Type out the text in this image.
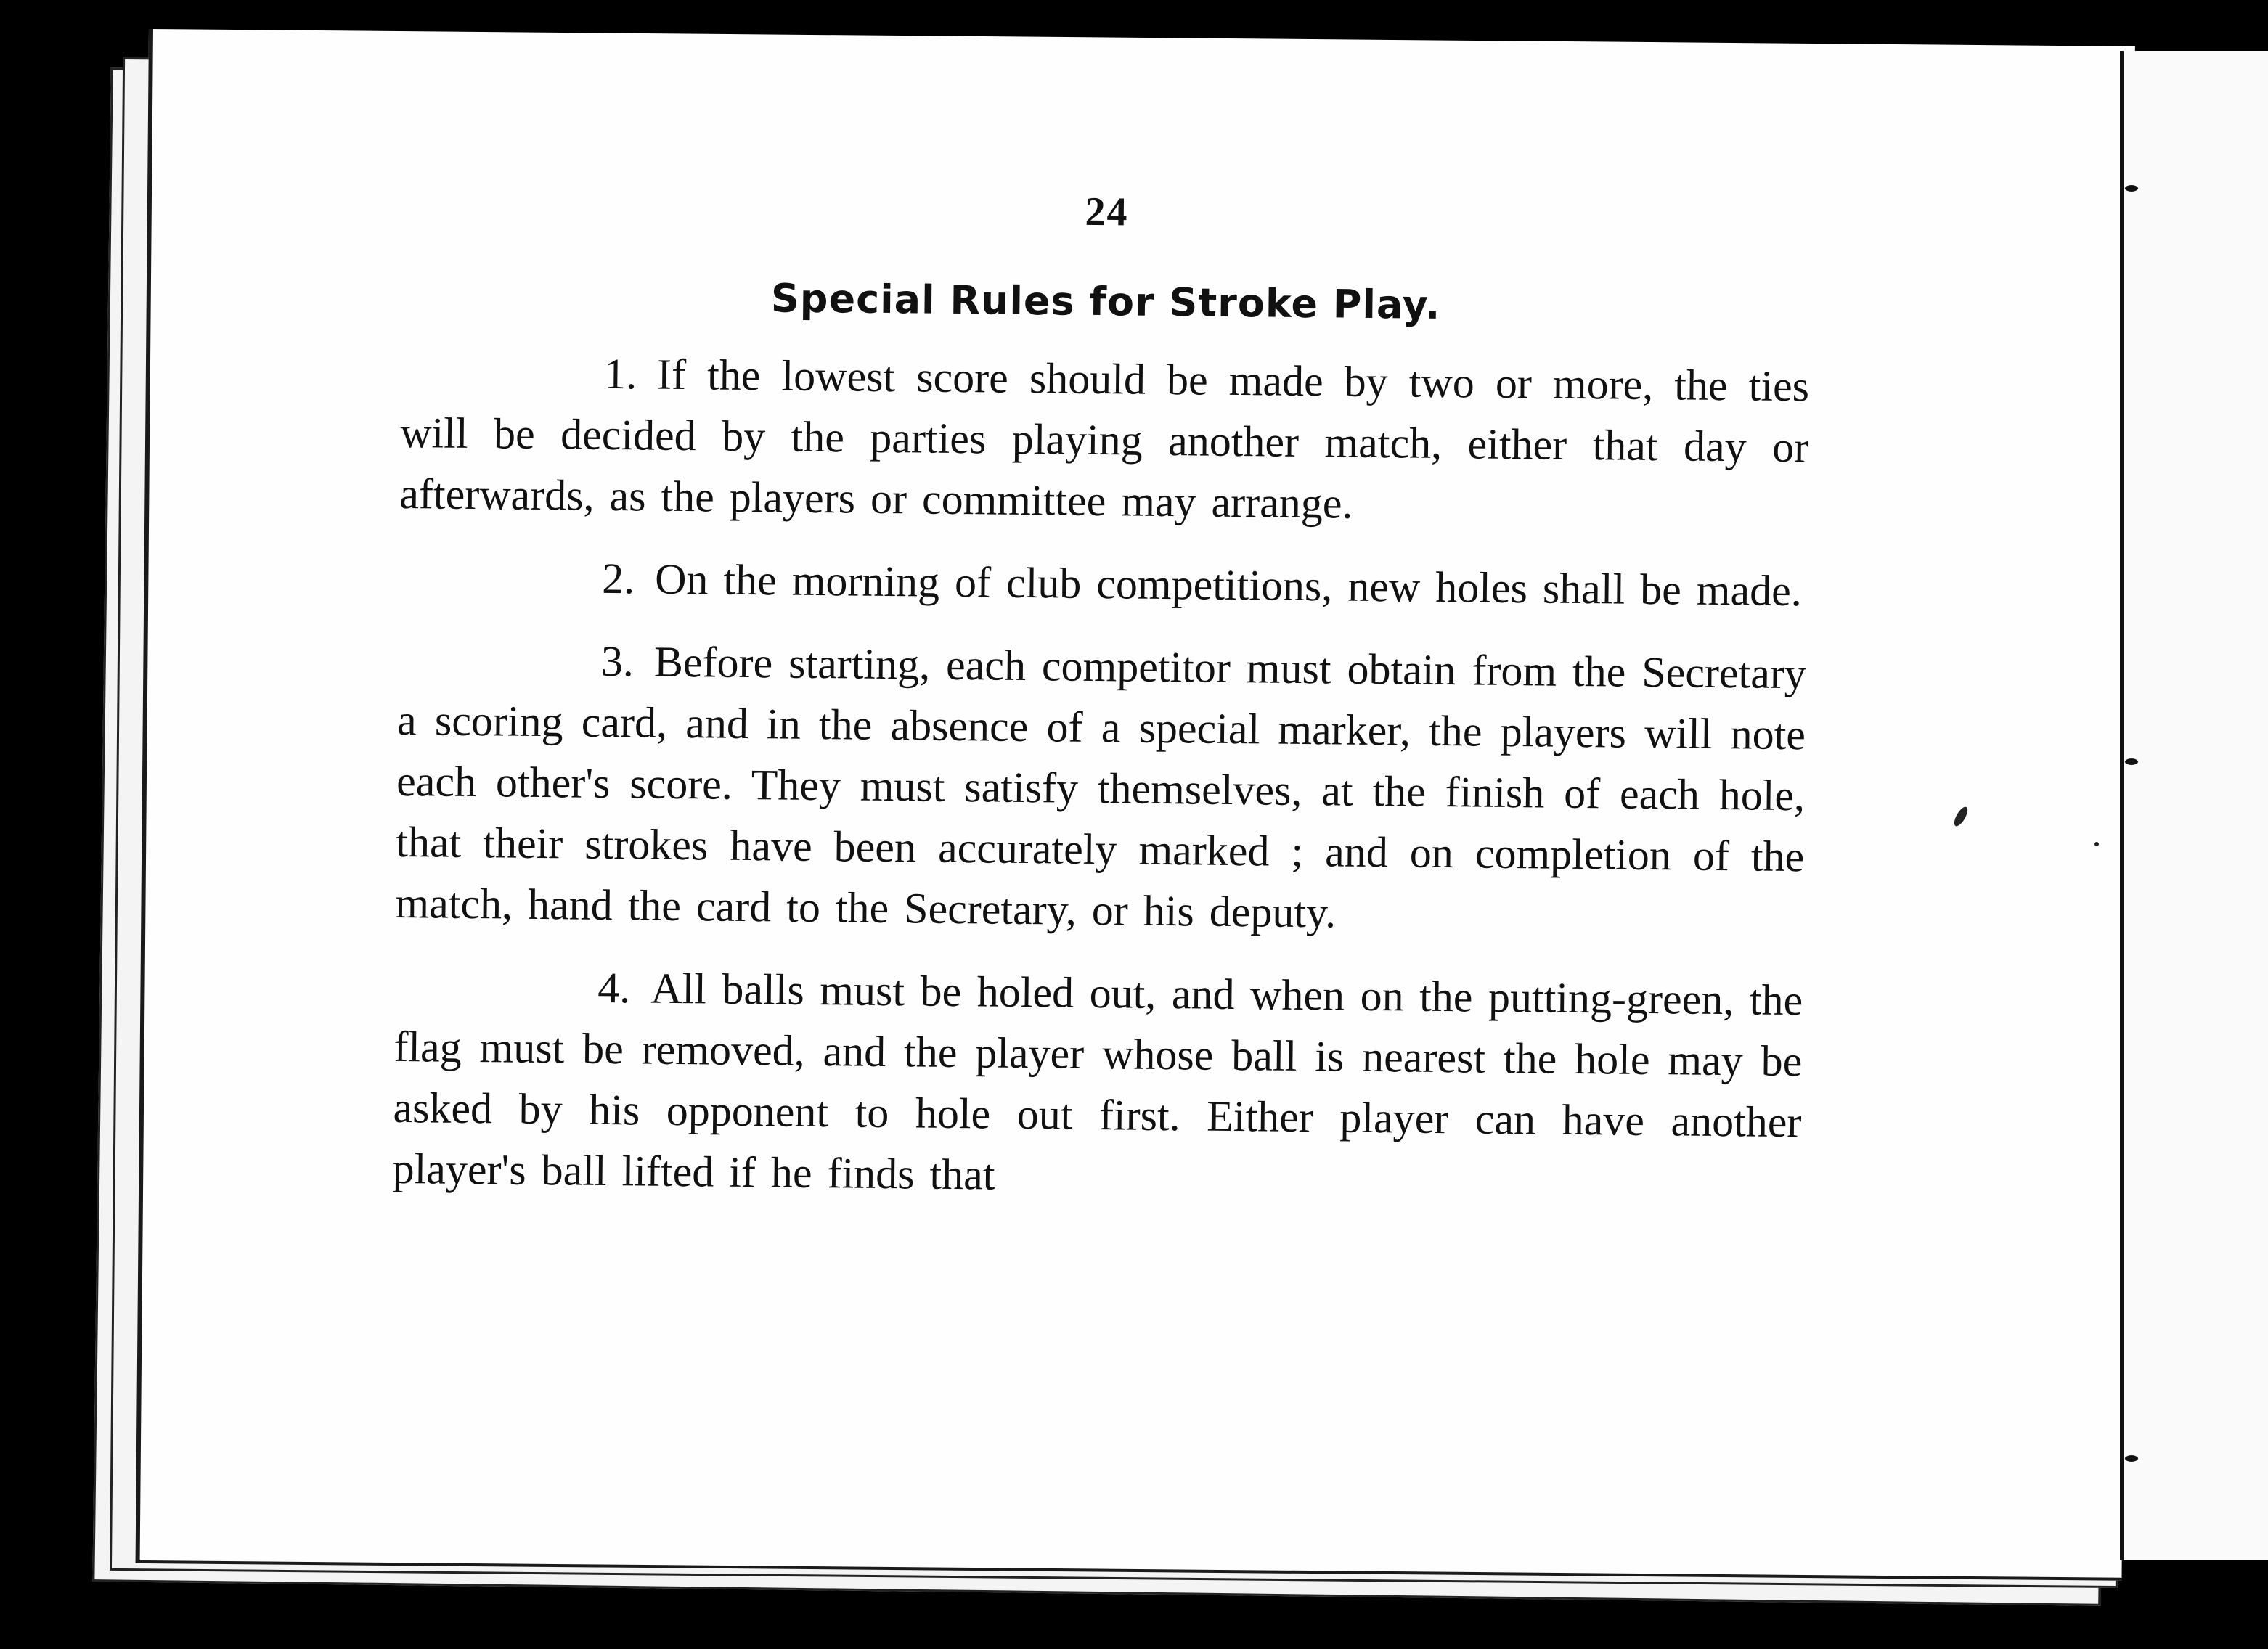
24
Special Rules for Stroke Play.

1. If the lowest score should be made by two or more, the ties will be decided by the parties playing another match, either that day or afterwards, as the players or committee may arrange.

2. On the morning of club competitions, new holes shall be made.

3. Before starting, each competitor must obtain from the Secretary a scoring card, and in the absence of a special marker, the players will note each other's score. They must satisfy themselves, at the finish of each hole, that their strokes have been accurately marked ; and on completion of the match, hand the card to the Secretary, or his deputy.

4. All balls must be holed out, and when on the putting-green, the flag must be removed, and the player whose ball is nearest the hole may be asked by his opponent to hole out first. Either player can have another player's ball lifted if he finds that
